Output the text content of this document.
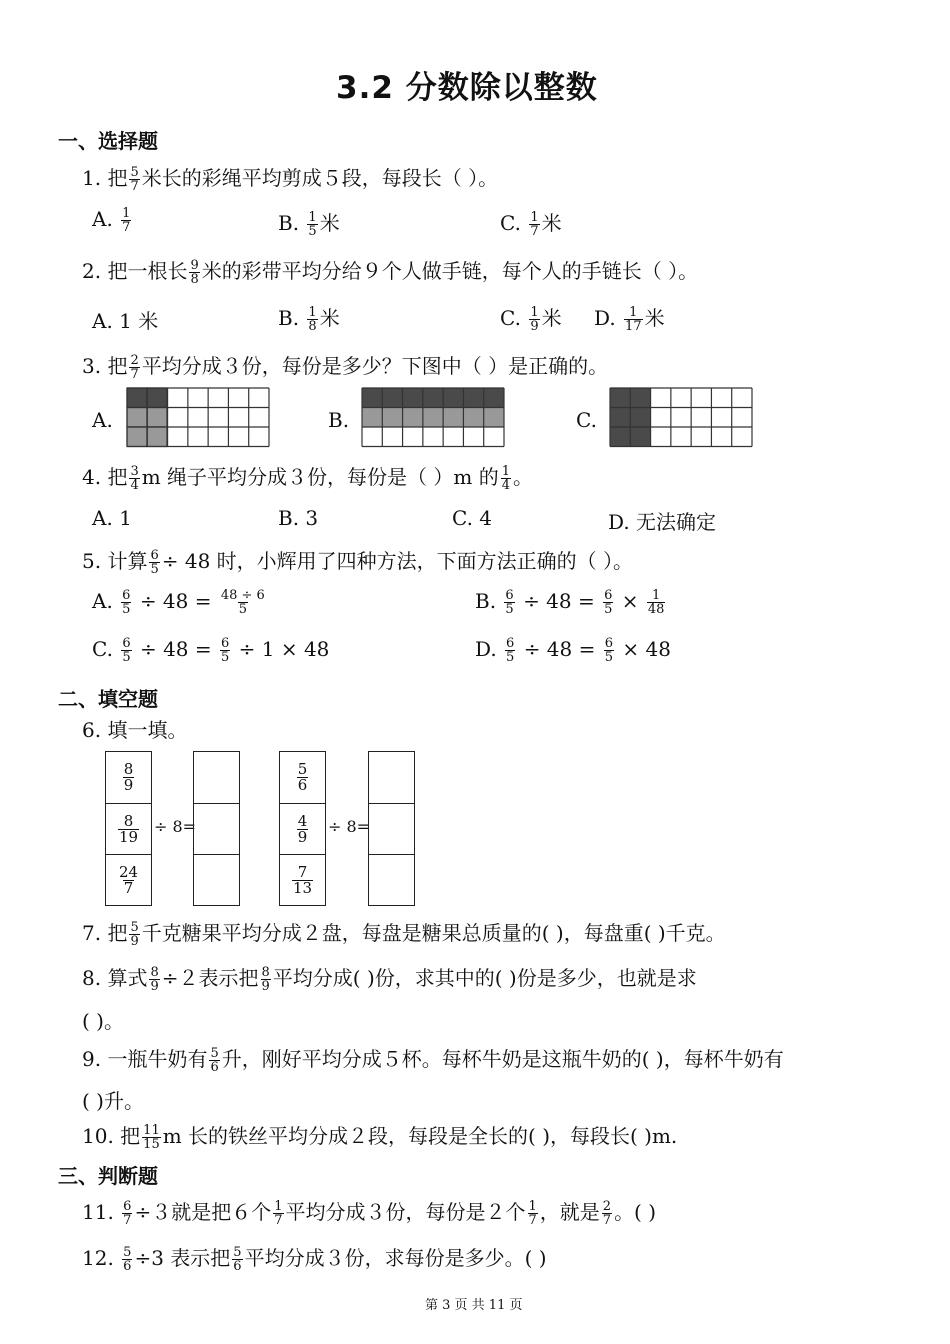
3.2 分数除以整数
一、选择题
1. 把 $\frac{5}{7}$ 米长的彩绳平均剪成５段，每段长（ ）。
A. $\frac{1}{7}$	B. $\frac{1}{5}$ 米	C. $\frac{1}{7}$ 米
2. 把一根长 $\frac{9}{8}$ 米的彩带平均分给９个人做手链，每个人的手链长（ ）。
A. 1 米	B. $\frac{1}{8}$ 米	C. $\frac{1}{9}$ 米 D. $\frac{1}{17}$ 米
3. 把 $\frac{2}{7}$ 平均分成３份，每份是多少？下图中（ ）是正确的。
A.	B.	C.
4. 把 $\frac{3}{4}$ m 绳子平均分成３份，每份是（ ）m 的 $\frac{1}{4}$ 。
A. 1	B. 3	C. 4	D. 无法确定
5. 计算 $\frac{6}{5} \div 48$ 时，小辉用了四种方法，下面方法正确的（ ）。
A. $\frac{6}{5} \div 48 = \frac{48 \div 6}{5}$	B. $\frac{6}{5} \div 48 = \frac{6}{5} \times \frac{1}{48}$
C. $\frac{6}{5} \div 48 = \frac{6}{5} \div 1 \times 48$	D. $\frac{6}{5} \div 48 = \frac{6}{5} \times 48$
二、填空题
6. 填一填。
$\frac{8}{9}$
$\frac{8}{19}$
$\frac{24}{7}$
÷ 8=
$\frac{5}{6}$
$\frac{4}{9}$
$\frac{7}{13}$
÷ 8=
7. 把 $\frac{5}{9}$ 千克糖果平均分成２盘，每盘是糖果总质量的( )，每盘重( )千克。
8. 算式 $\frac{8}{9} \div 2$表示把 $\frac{8}{9}$ 平均分成( )份，求其中的( )份是多少，也就是求
( )。
9. 一瓶牛奶有 $\frac{5}{6}$ 升，刚好平均分成５杯。每杯牛奶是这瓶牛奶的( )，每杯牛奶有
( )升。
10. 把 $\frac{11}{15}$ m 长的铁丝平均分成２段，每段是全长的( )，每段长( )m.
三、判断题
11. $\frac{6}{7} \div 3$就是把６个 $\frac{1}{7}$ 平均分成３份，每份是２个 $\frac{1}{7}$ ，就是 $\frac{2}{7}$ 。( )
12. $\frac{5}{6} \div 3$ 表示把 $\frac{5}{6}$ 平均分成３份，求每份是多少。( )
第 3 页 共 11 页
